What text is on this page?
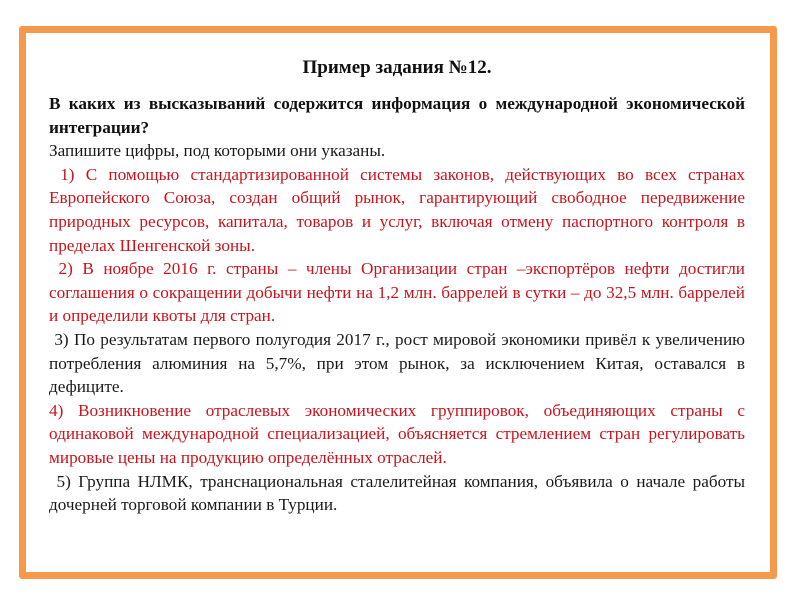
Пример задания №12.

В каких из высказываний содержится информация о международной экономической интеграции?

Запишите цифры, под которыми они указаны.

1) С помощью стандартизированной системы законов, действующих во всех странах Европейского Союза, создан общий рынок, гарантирующий свободное передвижение природных ресурсов, капитала, товаров и услуг, включая отмену паспортного контроля в пределах Шенгенской зоны.

2) В ноябре 2016 г. страны – члены Организации стран –экспортёров нефти достигли соглашения о сокращении добычи нефти на 1,2 млн. баррелей в сутки – до 32,5 млн. баррелей и определили квоты для стран.

3) По результатам первого полугодия 2017 г., рост мировой экономики привёл к увеличению потребления алюминия на 5,7%, при этом рынок, за исключением Китая, оставался в дефиците.

4) Возникновение отраслевых экономических группировок, объединяющих страны с одинаковой международной специализацией, объясняется стремлением стран регулировать мировые цены на продукцию определённых отраслей.

5) Группа НЛМК, транснациональная сталелитейная компания, объявила о начале работы дочерней торговой компании в Турции.
